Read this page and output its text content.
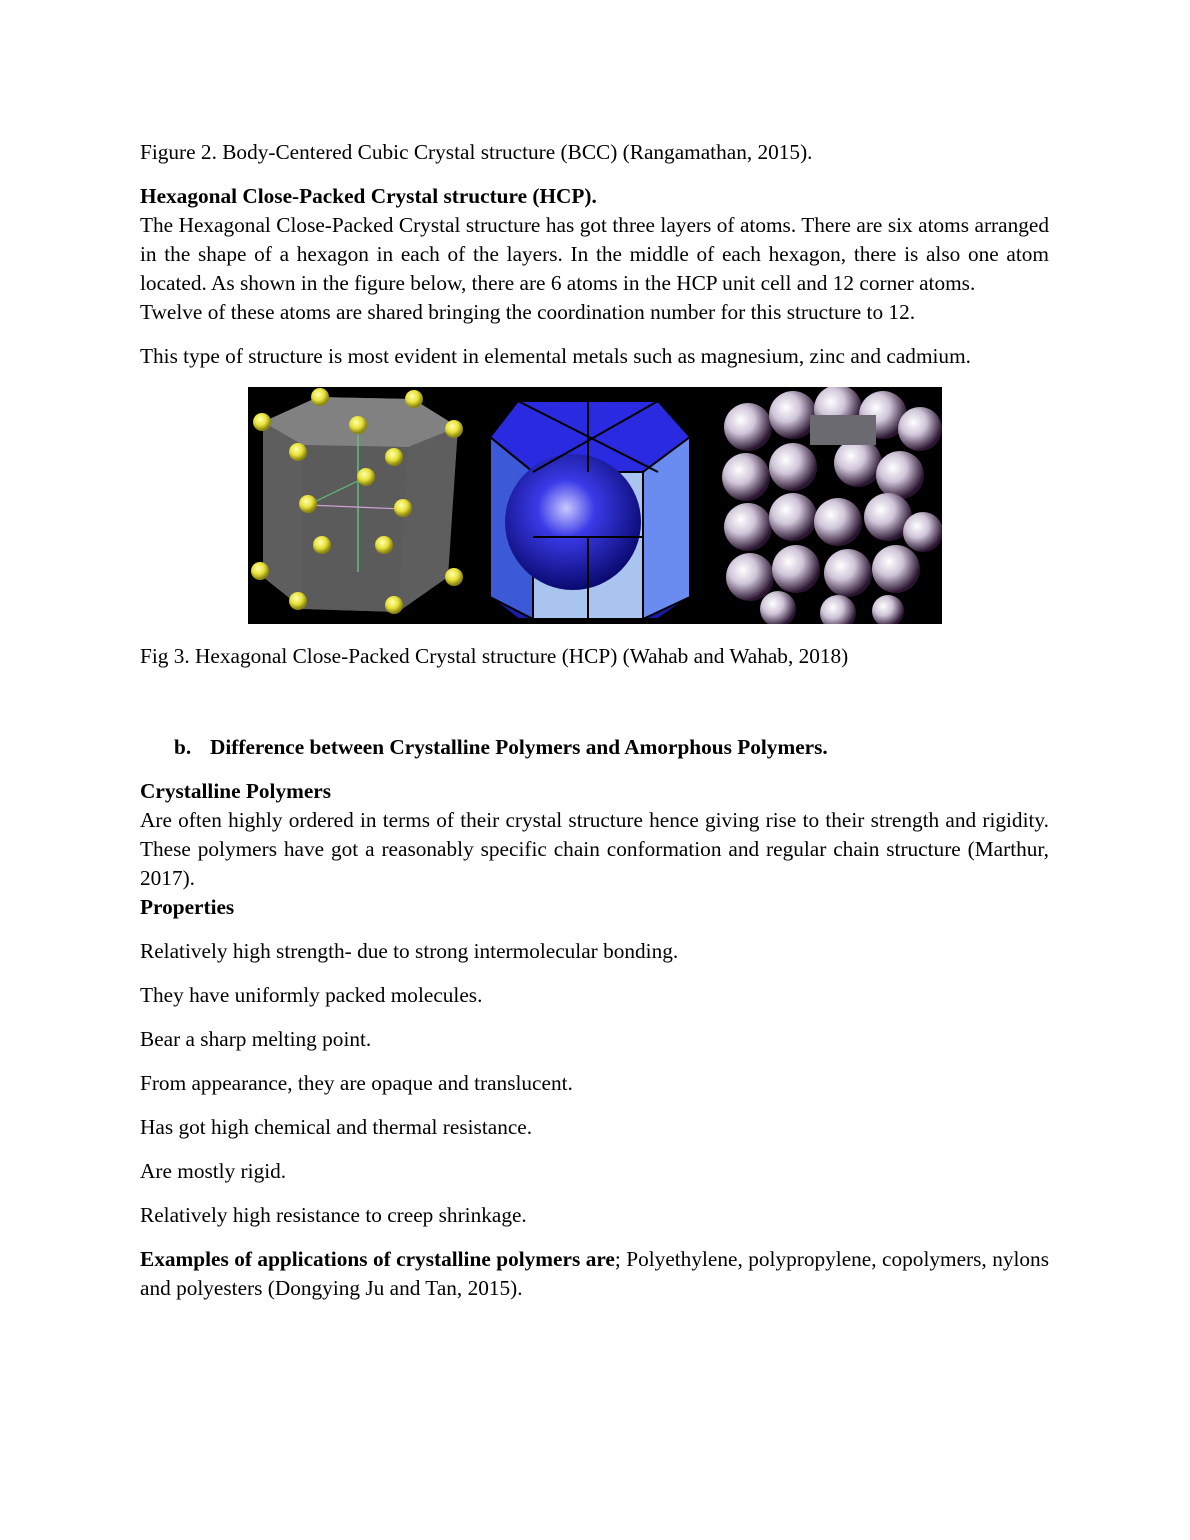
Figure 2. Body-Centered Cubic Crystal structure (BCC) (Rangamathan, 2015).

Hexagonal Close-Packed Crystal structure (HCP).

The Hexagonal Close-Packed Crystal structure has got three layers of atoms. There are six atoms arranged in the shape of a hexagon in each of the layers. In the middle of each hexagon, there is also one atom located. As shown in the figure below, there are 6 atoms in the HCP unit cell and 12 corner atoms.

Twelve of these atoms are shared bringing the coordination number for this structure to 12.

This type of structure is most evident in elemental metals such as magnesium, zinc and cadmium.

Fig 3. Hexagonal Close-Packed Crystal structure (HCP) (Wahab and Wahab, 2018)

b. Difference between Crystalline Polymers and Amorphous Polymers.

Crystalline Polymers

Are often highly ordered in terms of their crystal structure hence giving rise to their strength and rigidity. These polymers have got a reasonably specific chain conformation and regular chain structure (Marthur, 2017).

Properties

Relatively high strength- due to strong intermolecular bonding.

They have uniformly packed molecules.

Bear a sharp melting point.

From appearance, they are opaque and translucent.

Has got high chemical and thermal resistance.

Are mostly rigid.

Relatively high resistance to creep shrinkage.

Examples of applications of crystalline polymers are; Polyethylene, polypropylene, copolymers, nylons and polyesters (Dongying Ju and Tan, 2015).
